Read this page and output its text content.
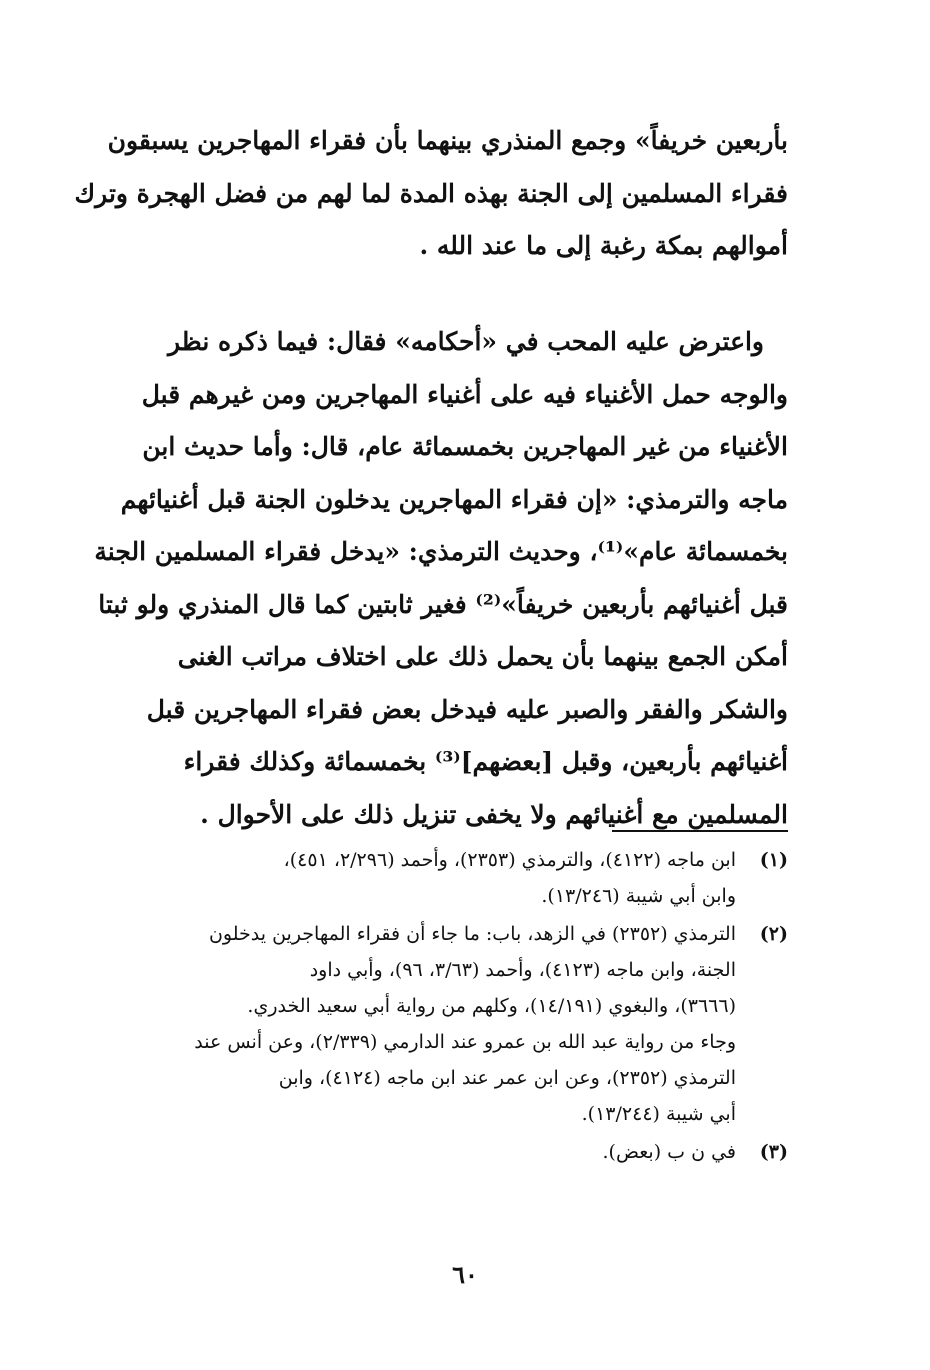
بأربعين خريفاً» وجمع المنذري بينهما بأن فقراء المهاجرين يسبقون
فقراء المسلمين إلى الجنة بهذه المدة لما لهم من فضل الهجرة وترك
أموالهم بمكة رغبة إلى ما عند الله .

واعترض عليه المحب في «أحكامه» فقال: فيما ذكره نظر
والوجه حمل الأغنياء فيه على أغنياء المهاجرين ومن غيرهم قبل
الأغنياء من غير المهاجرين بخمسمائة عام، قال: وأما حديث ابن
ماجه والترمذي: «إن فقراء المهاجرين يدخلون الجنة قبل أغنيائهم
بخمسمائة عام»⁽¹⁾، وحديث الترمذي: «يدخل فقراء المسلمين الجنة
قبل أغنيائهم بأربعين خريفاً»⁽²⁾ فغير ثابتين كما قال المنذري ولو ثبتا
أمكن الجمع بينهما بأن يحمل ذلك على اختلاف مراتب الغنى
والشكر والفقر والصبر عليه فيدخل بعض فقراء المهاجرين قبل
أغنيائهم بأربعين، وقبل [بعضهم]⁽³⁾ بخمسمائة وكذلك فقراء
المسلمين مع أغنيائهم ولا يخفى تنزيل ذلك على الأحوال .

(١)
ابن ماجه (٤١٢٢)، والترمذي (٢٣٥٣)، وأحمد (٢/٢٩٦، ٤٥١)،
وابن أبي شيبة (١٣/٢٤٦).
(٢)
الترمذي (٢٣٥٢) في الزهد، باب: ما جاء أن فقراء المهاجرين يدخلون
الجنة، وابن ماجه (٤١٢٣)، وأحمد (٣/٦٣، ٩٦)، وأبي داود
(٣٦٦٦)، والبغوي (١٤/١٩١)، وكلهم من رواية أبي سعيد الخدري.
وجاء من رواية عبد الله بن عمرو عند الدارمي (٢/٣٣٩)، وعن أنس عند
الترمذي (٢٣٥٢)، وعن ابن عمر عند ابن ماجه (٤١٢٤)، وابن
أبي شيبة (١٣/٢٤٤).
(٣)
في ن ب (بعض).
٦٠
